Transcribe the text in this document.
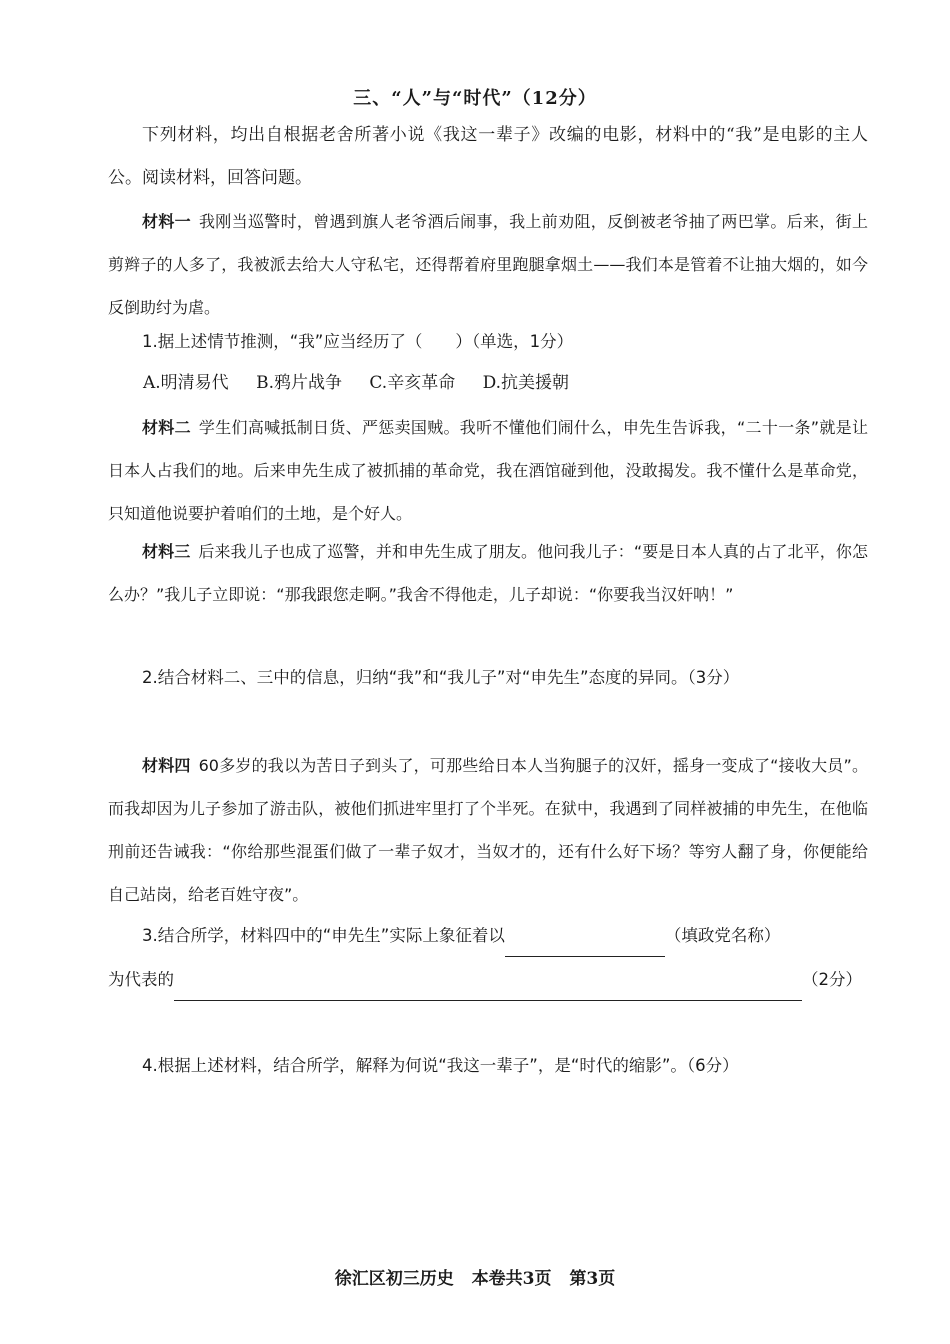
三、“人”与“时代”（12分）

下列材料，均出自根据老舍所著小说《我这一辈子》改编的电影，材料中的“我”是电影的主人公。阅读材料，回答问题。

材料一 我刚当巡警时，曾遇到旗人老爷酒后闹事，我上前劝阻，反倒被老爷抽了两巴掌。后来，街上剪辫子的人多了，我被派去给大人守私宅，还得帮着府里跑腿拿烟土——我们本是管着不让抽大烟的，如今反倒助纣为虐。

1.据上述情节推测，“我”应当经历了（　　）（单选，1分）

A.明清易代 B.鸦片战争 C.辛亥革命 D.抗美援朝

材料二 学生们高喊抵制日货、严惩卖国贼。我听不懂他们闹什么，申先生告诉我，“二十一条”就是让日本人占我们的地。后来申先生成了被抓捕的革命党，我在酒馆碰到他，没敢揭发。我不懂什么是革命党，只知道他说要护着咱们的土地，是个好人。

材料三 后来我儿子也成了巡警，并和申先生成了朋友。他问我儿子：“要是日本人真的占了北平，你怎么办？”我儿子立即说：“那我跟您走啊。”我舍不得他走，儿子却说：“你要我当汉奸呐！”

2.结合材料二、三中的信息，归纳“我”和“我儿子”对“申先生”态度的异同。（3分）

材料四 60多岁的我以为苦日子到头了，可那些给日本人当狗腿子的汉奸，摇身一变成了“接收大员”。而我却因为儿子参加了游击队，被他们抓进牢里打了个半死。在狱中，我遇到了同样被捕的申先生，在他临刑前还告诫我：“你给那些混蛋们做了一辈子奴才，当奴才的，还有什么好下场？等穷人翻了身，你便能给自己站岗，给老百姓守夜”。

3.结合所学，材料四中的“申先生”实际上象征着以	（填政党名称）

为代表的	（2分）

4.根据上述材料，结合所学，解释为何说“我这一辈子”，是“时代的缩影”。（6分）

徐汇区初三历史 本卷共3页 第3页
